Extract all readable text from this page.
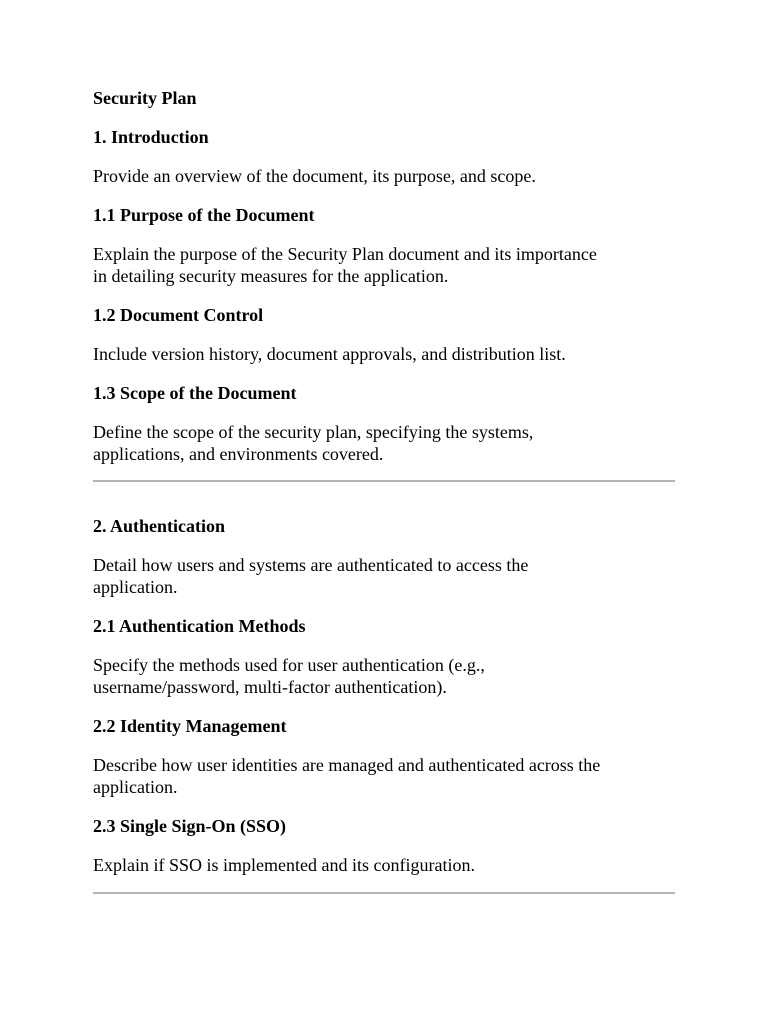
Security Plan

1. Introduction

Provide an overview of the document, its purpose, and scope.

1.1 Purpose of the Document

Explain the purpose of the Security Plan document and its importance

in detailing security measures for the application.

1.2 Document Control

Include version history, document approvals, and distribution list.

1.3 Scope of the Document

Define the scope of the security plan, specifying the systems,

applications, and environments covered.

2. Authentication

Detail how users and systems are authenticated to access the

application.

2.1 Authentication Methods

Specify the methods used for user authentication (e.g.,

username/password, multi-factor authentication).

2.2 Identity Management

Describe how user identities are managed and authenticated across the

application.

2.3 Single Sign-On (SSO)

Explain if SSO is implemented and its configuration.
